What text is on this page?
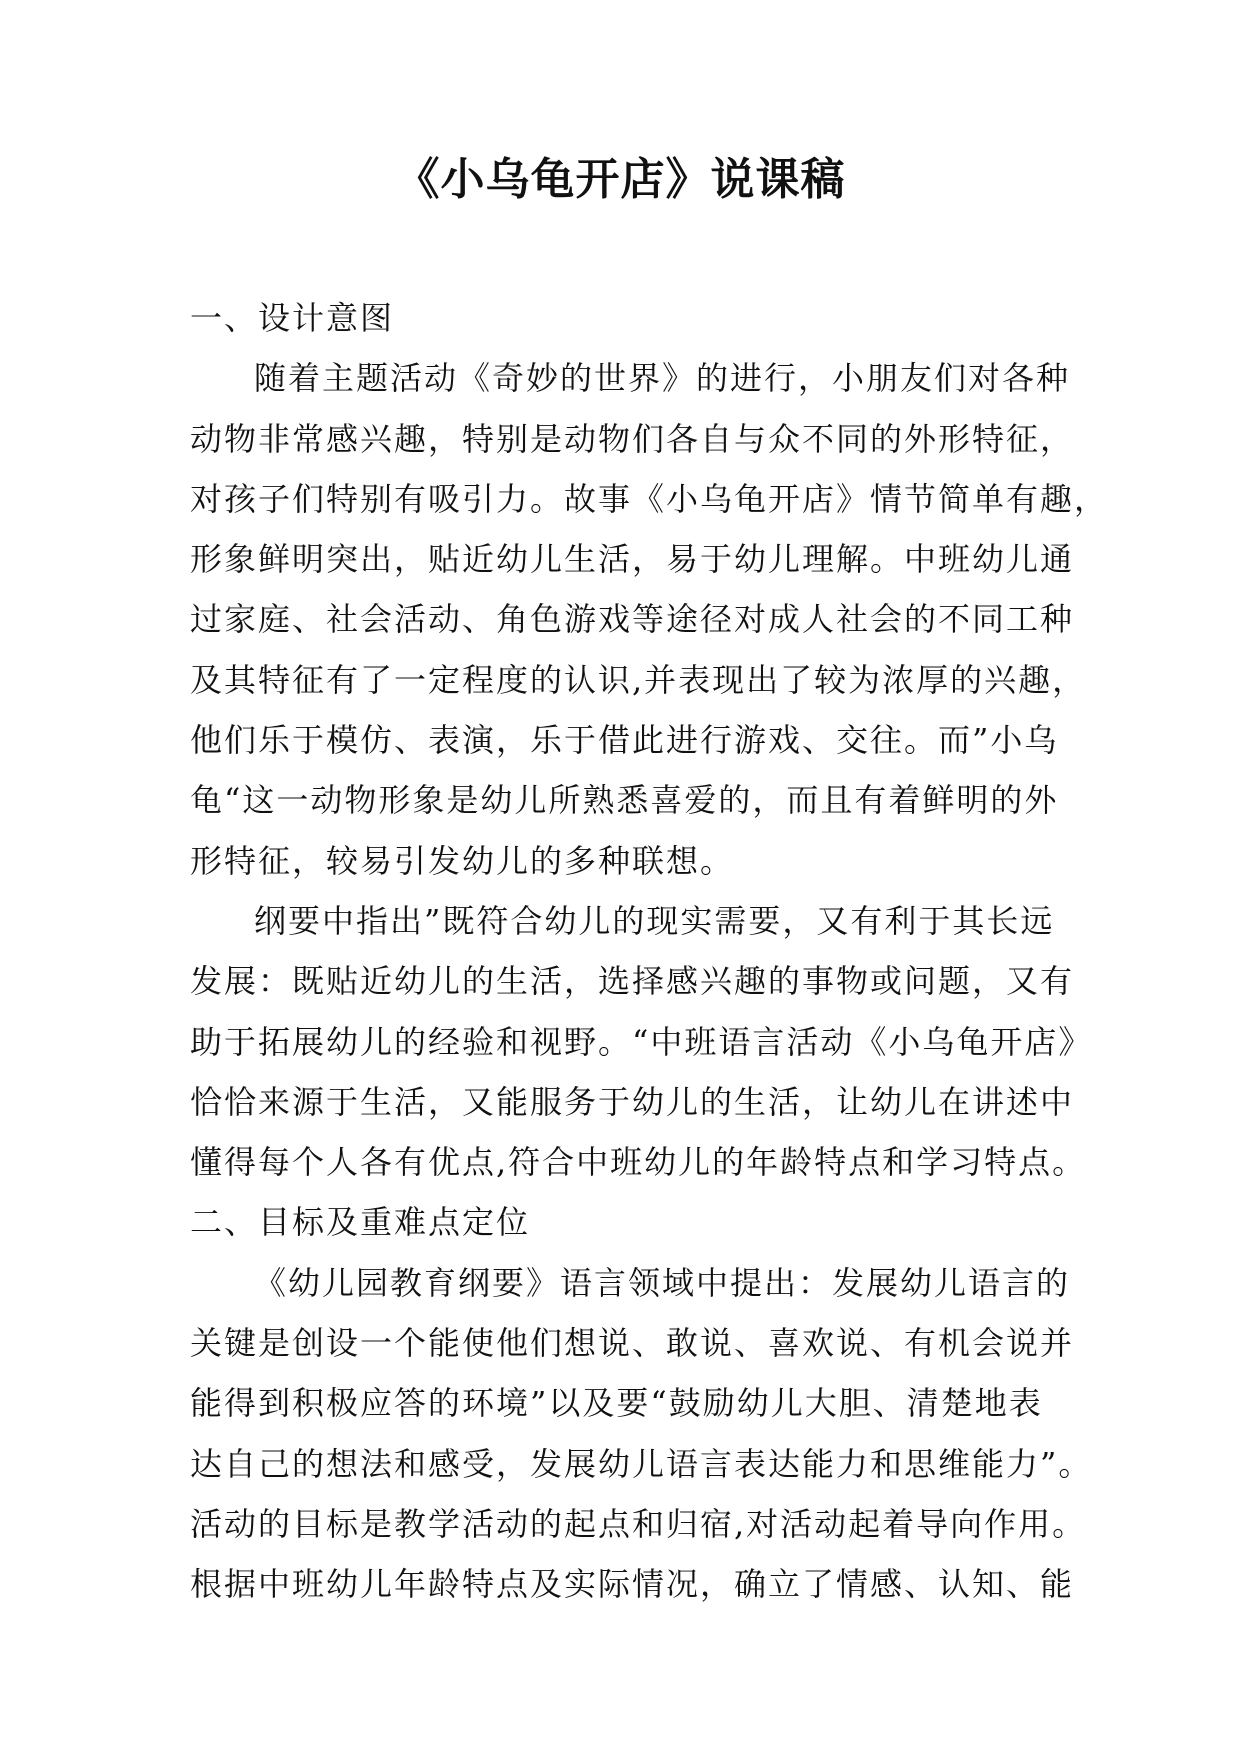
《小乌龟开店》说课稿

一、设计意图

随着主题活动《奇妙的世界》的进行，小朋友们对各种
动物非常感兴趣，特别是动物们各自与众不同的外形特征，
对孩子们特别有吸引力。故事《小乌龟开店》情节简单有趣，
形象鲜明突出，贴近幼儿生活，易于幼儿理解。中班幼儿通
过家庭、社会活动、角色游戏等途径对成人社会的不同工种
及其特征有了一定程度的认识,并表现出了较为浓厚的兴趣，
他们乐于模仿、表演，乐于借此进行游戏、交往。而”小乌
龟“这一动物形象是幼儿所熟悉喜爱的，而且有着鲜明的外
形特征，较易引发幼儿的多种联想。

纲要中指出”既符合幼儿的现实需要，又有利于其长远
发展：既贴近幼儿的生活，选择感兴趣的事物或问题，又有
助于拓展幼儿的经验和视野。“中班语言活动《小乌龟开店》
恰恰来源于生活，又能服务于幼儿的生活，让幼儿在讲述中
懂得每个人各有优点,符合中班幼儿的年龄特点和学习特点。

二、目标及重难点定位

《幼儿园教育纲要》语言领域中提出：发展幼儿语言的
关键是创设一个能使他们想说、敢说、喜欢说、有机会说并
能得到积极应答的环境”以及要“鼓励幼儿大胆、清楚地表
达自己的想法和感受，发展幼儿语言表达能力和思维能力”。
活动的目标是教学活动的起点和归宿,对活动起着导向作用。
根据中班幼儿年龄特点及实际情况，确立了情感、认知、能
